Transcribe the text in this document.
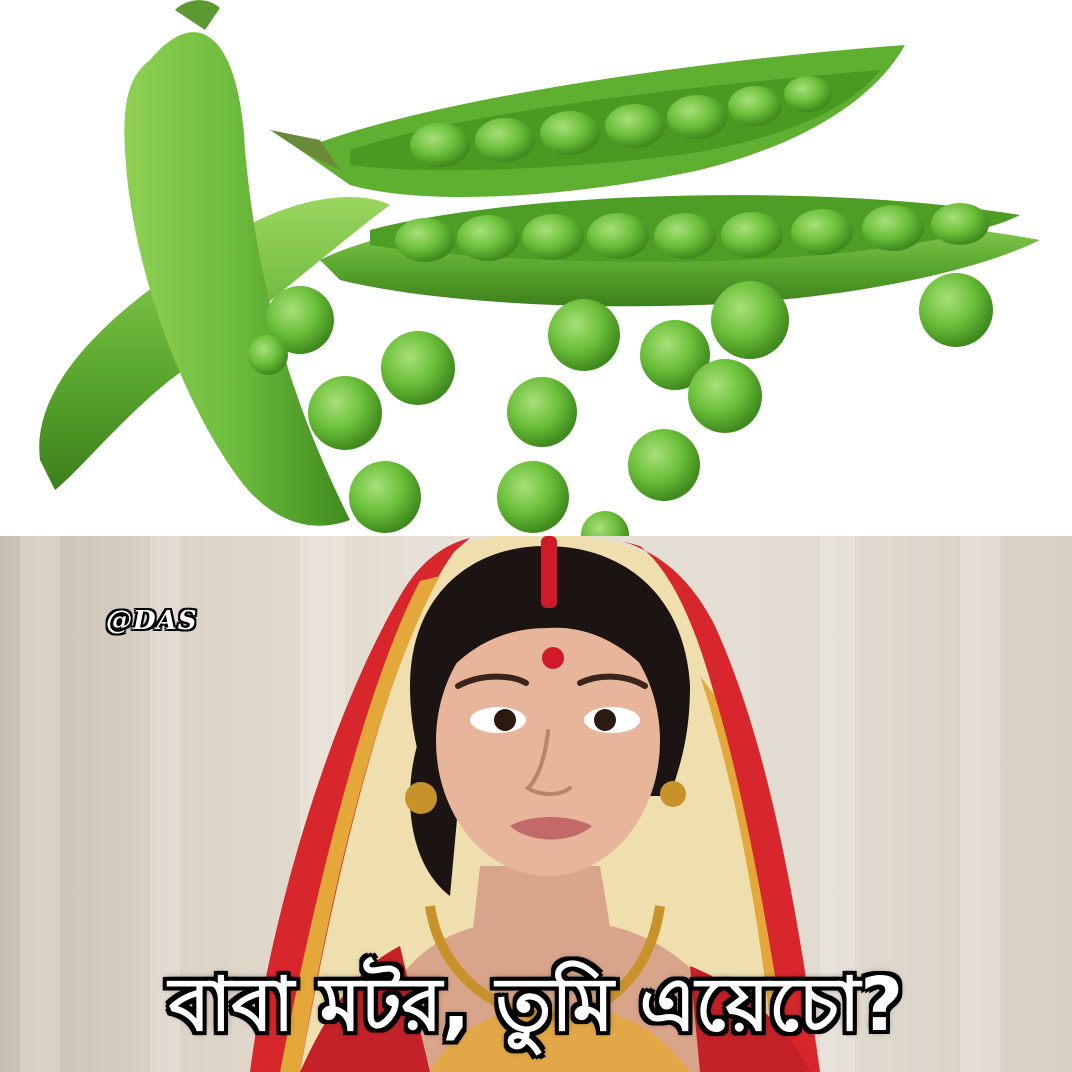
@DAS
বাবা মটর, তুমি এয়েচো?
